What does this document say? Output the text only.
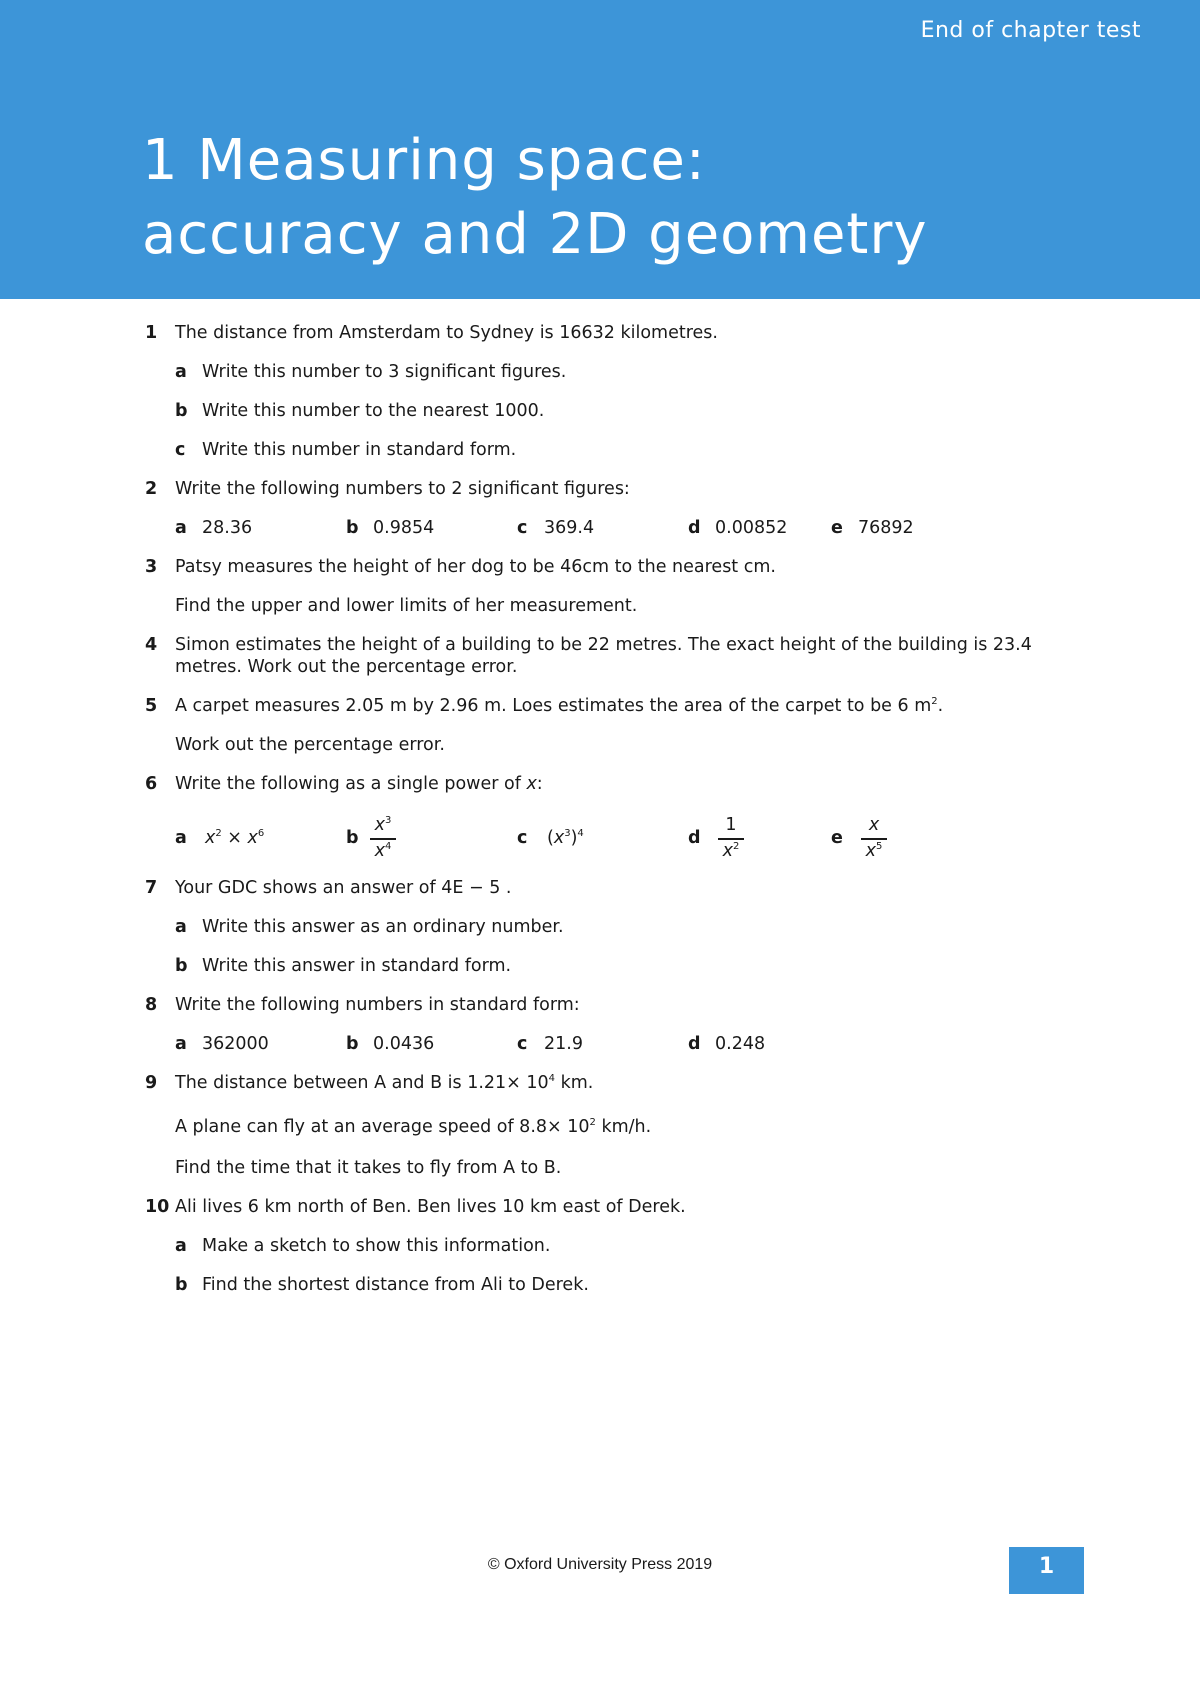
End of chapter test
1 Measuring space:
accuracy and 2D geometry
1 The distance from Amsterdam to Sydney is 16632 kilometres.
a Write this number to 3 significant figures.
b Write this number to the nearest 1000.
c Write this number in standard form.
2 Write the following numbers to 2 significant figures:
a 28.36	b 0.9854	c 369.4	d 0.00852 e 76892
3 Patsy measures the height of her dog to be 46cm to the nearest cm.
Find the upper and lower limits of her measurement.
4 Simon estimates the height of a building to be 22 metres. The exact height of the building is 23.4 metres. Work out the percentage error.
5 A carpet measures 2.05 m by 2.96 m. Loes estimates the area of the carpet to be 6 $m^2$.
Work out the percentage error.
6 Write the following as a single power of x:
a $x^2 \times x^6$	b
$x^3$
$x^4$	c $(x^3)^4$	d
1
$x^2$	e
x
$x^5$
7 Your GDC shows an answer of 4E − 5 .
a Write this answer as an ordinary number.
b Write this answer in standard form.
8 Write the following numbers in standard form:
a 362000	b 0.0436	c 21.9	d 0.248
9 The distance between A and B is $1.21\times 10^4$ km.
A plane can fly at an average speed of $8.8\times 10^2$ km/h.
Find the time that it takes to fly from A to B.
10 Ali lives 6 km north of Ben. Ben lives 10 km east of Derek.
a Make a sketch to show this information.
b Find the shortest distance from Ali to Derek.
© Oxford University Press 2019	1
